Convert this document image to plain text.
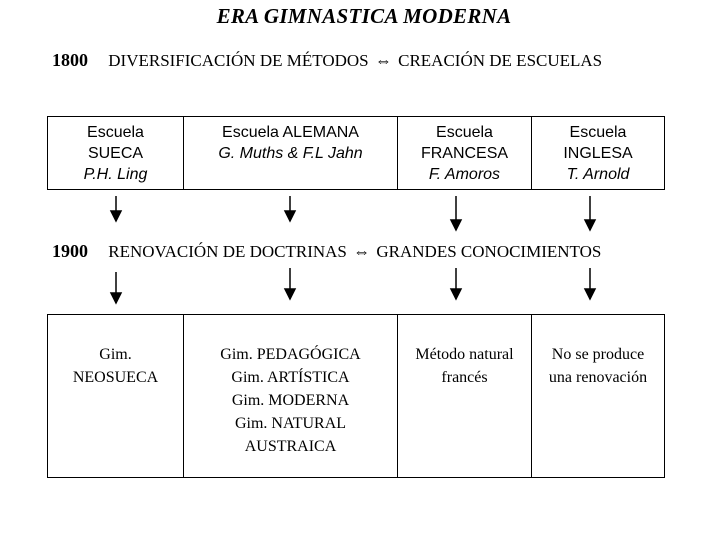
ERA GIMNASTICA MODERNA
1800 DIVERSIFICACIÓN DE MÉTODOS ⇔ CREACIÓN DE ESCUELAS
Escuela
SUECA
P.H. Ling
Escuela ALEMANA
G. Muths & F.L Jahn
Escuela
FRANCESA
F. Amoros
Escuela
INGLESA
T. Arnold
1900 RENOVACIÓN DE DOCTRINAS ⇔ GRANDES CONOCIMIENTOS
Gim.
NEOSUECA
Gim. PEDAGÓGICA
Gim. ARTÍSTICA
Gim. MODERNA
Gim. NATURAL
AUSTRAICA
Método natural
francés
No se produce
una renovación
